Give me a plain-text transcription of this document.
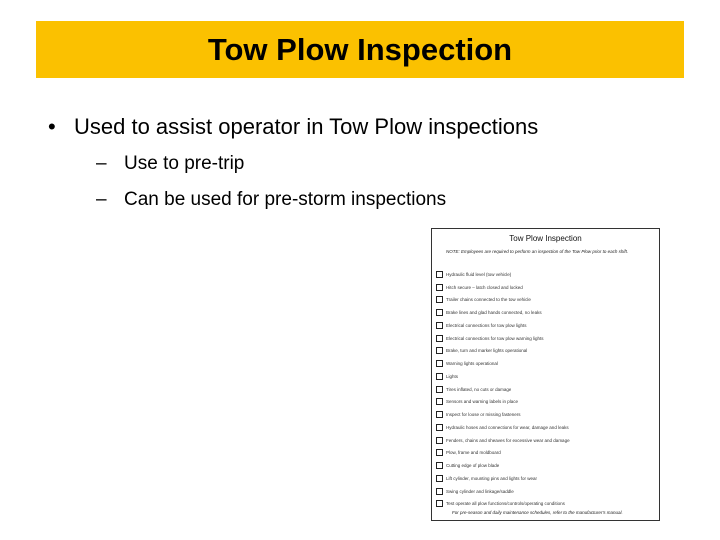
Tow Plow Inspection
• Used to assist operator in Tow Plow inspections
– Use to pre-trip
– Can be used for pre-storm inspections
Tow Plow Inspection
NOTE: Employees are required to perform an inspection of the Tow Plow prior to each shift.
Hydraulic fluid level (tow vehicle)
Hitch secure – latch closed and locked
Trailer chains connected to the tow vehicle
Brake lines and glad hands connected, no leaks
Electrical connections for tow plow lights
Electrical connections for tow plow warning lights
Brake, turn and marker lights operational
Warning lights operational
Lights
Tires inflated, no cuts or damage
Sensors and warning labels in place
Inspect for loose or missing fasteners
Hydraulic hoses and connections for wear, damage and leaks
Fenders, chains and sheaves for excessive wear and damage
Plow, frame and moldboard
Cutting edge of plow blade
Lift cylinder, mounting pins and lights for wear
Swing cylinder and linkage/saddle
Test operate all plow functions/controls/operating conditions
For pre-season and daily maintenance schedules, refer to the manufacturer's manual.
